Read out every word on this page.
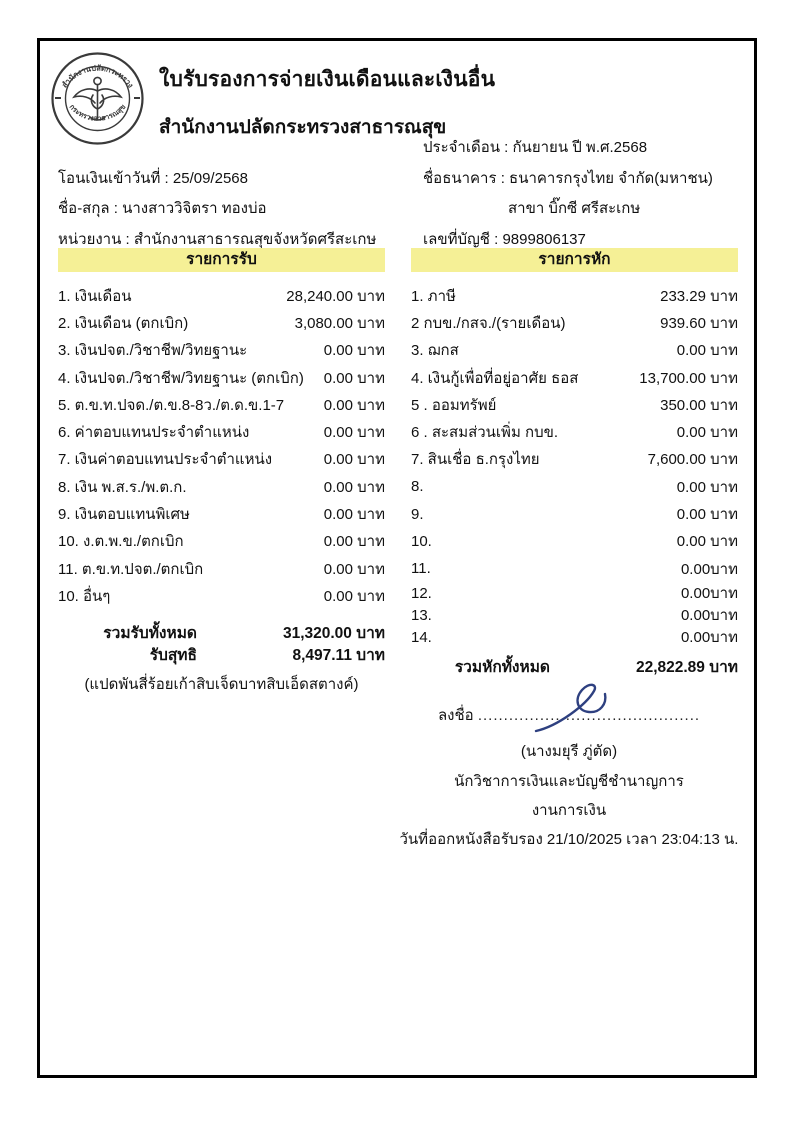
สำนักงานปลัดกระทรวง
กระทรวงสาธารณสุข
ใบรับรองการจ่ายเงินเดือนและเงินอื่น
สำนักงานปลัดกระทรวงสาธารณสุข
ประจำเดือน : กันยายน ปี พ.ศ.2568
โอนเงินเข้าวันที่ : 25/09/2568	ชื่อธนาคาร : ธนาคารกรุงไทย จำกัด(มหาชน)
ชื่อ-สกุล : นางสาววิจิตรา ทองบ่อ	สาขา บิ๊กซี ศรีสะเกษ
หน่วยงาน : สำนักงานสาธารณสุขจังหวัดศรีสะเกษ	เลขที่บัญชี : 9899806137
รายการรับ
1. เงินเดือน	28,240.00 บาท
2. เงินเดือน (ตกเบิก)	3,080.00 บาท
3. เงินปจต./วิชาชีพ/วิทยฐานะ	0.00 บาท
4. เงินปจต./วิชาชีพ/วิทยฐานะ (ตกเบิก) 0.00 บาท
5. ต.ข.ท.ปจด./ต.ข.8-8ว./ต.ด.ข.1-7	0.00 บาท
6. ค่าตอบแทนประจำตำแหน่ง	0.00 บาท
7. เงินค่าตอบแทนประจำตำแหน่ง	0.00 บาท
8. เงิน พ.ส.ร./พ.ต.ก.	0.00 บาท
9. เงินตอบแทนพิเศษ	0.00 บาท
10. ง.ต.พ.ข./ตกเบิก	0.00 บาท
11. ต.ข.ท.ปจต./ตกเบิก	0.00 บาท
10. อื่นๆ	0.00 บาท
รวมรับทั้งหมด	31,320.00 บาท
รับสุทธิ	8,497.11 บาท
(แปดพันสี่ร้อยเก้าสิบเจ็ดบาทสิบเอ็ดสตางค์)
รายการหัก
1. ภาษี	233.29 บาท
2 กบข./กสจ./(รายเดือน)	939.60 บาท
3. ฌกส	0.00 บาท
4. เงินกู้เพื่อที่อยู่อาศัย ธอส	13,700.00 บาท
5 . ออมทรัพย์	350.00 บาท
6 . สะสมส่วนเพิ่ม กบข.	0.00 บาท
7. สินเชื่อ ธ.กรุงไทย	7,600.00 บาท
8.	0.00 บาท
9.	0.00 บาท
10.	0.00 บาท
11.	0.00บาท
12.	0.00บาท
13.	0.00บาท
14.	0.00บาท
รวมหักทั้งหมด	22,822.89 บาท
ลงชื่อ ...........................................
(นางมยุรี ภู่ตัด)
นักวิชาการเงินและบัญชีชำนาญการ
งานการเงิน
วันที่ออกหนังสือรับรอง 21/10/2025 เวลา 23:04:13 น.
